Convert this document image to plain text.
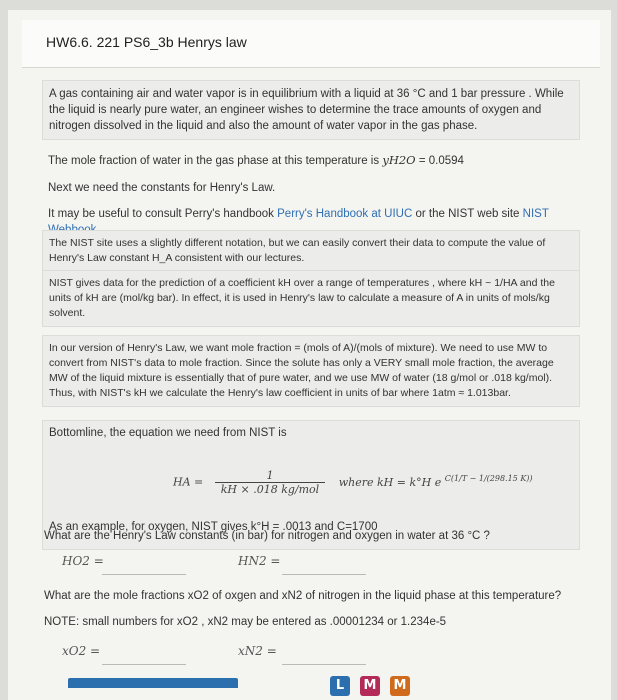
HW6.6. 221 PS6_3b Henrys law
A gas containing air and water vapor is in equilibrium with a liquid at 36 °C and 1 bar pressure . While the liquid is nearly pure water, an engineer wishes to determine the trace amounts of oxygen and nitrogen dissolved in the liquid and also the amount of water vapor in the gas phase.
The mole fraction of water in the gas phase at this temperature is yH2O = 0.0594
Next we need the constants for Henry's Law.
It may be useful to consult Perry's handbook Perry's Handbook at UIUC or the NIST web site NIST
The NIST site uses a slightly different notation, but we can easily convert their data to compute the value of Henry's Law constant H_A consistent with our lectures.
NIST gives data for the prediction of a coefficient kH over a range of temperatures , where kH ~ 1/HA and the units of kH are (mol/kg bar). In effect, it is used in Henry's law to calculate a measure of A in units of mols/kg solvent.
In our version of Henry's Law, we want mole fraction = (mols of A)/(mols of mixture). We need to use MW to convert from NIST's data to mole fraction. Since the solute has only a VERY small mole fraction, the average MW of the liquid mixture is essentially that of pure water, and we use MW of water (18 g/mol or .018 kg/mol). Thus, with NIST's kH we calculate the Henry's law coefficient in units of bar where 1atm ≈ 1.013bar.
Bottomline, the equation we need from NIST is
HA =	1
kH × .018 kg/mol
where kH = k°H e $^{C(1/T - 1/(298.15 K))}$
As an example, for oxygen, NIST gives k°H = .0013 and C=1700
What are the Henry's Law constants (in bar) for nitrogen and oxygen in water at 36 °C ?
HO2 =	HN2 =
What are the mole fractions xO2 of oxgen and xN2 of nitrogen in the liquid phase at this temperature?
NOTE: small numbers for xO2 , xN2 may be entered as .00001234 or 1.234e-5
xO2 =	xN2 =
L	M M
